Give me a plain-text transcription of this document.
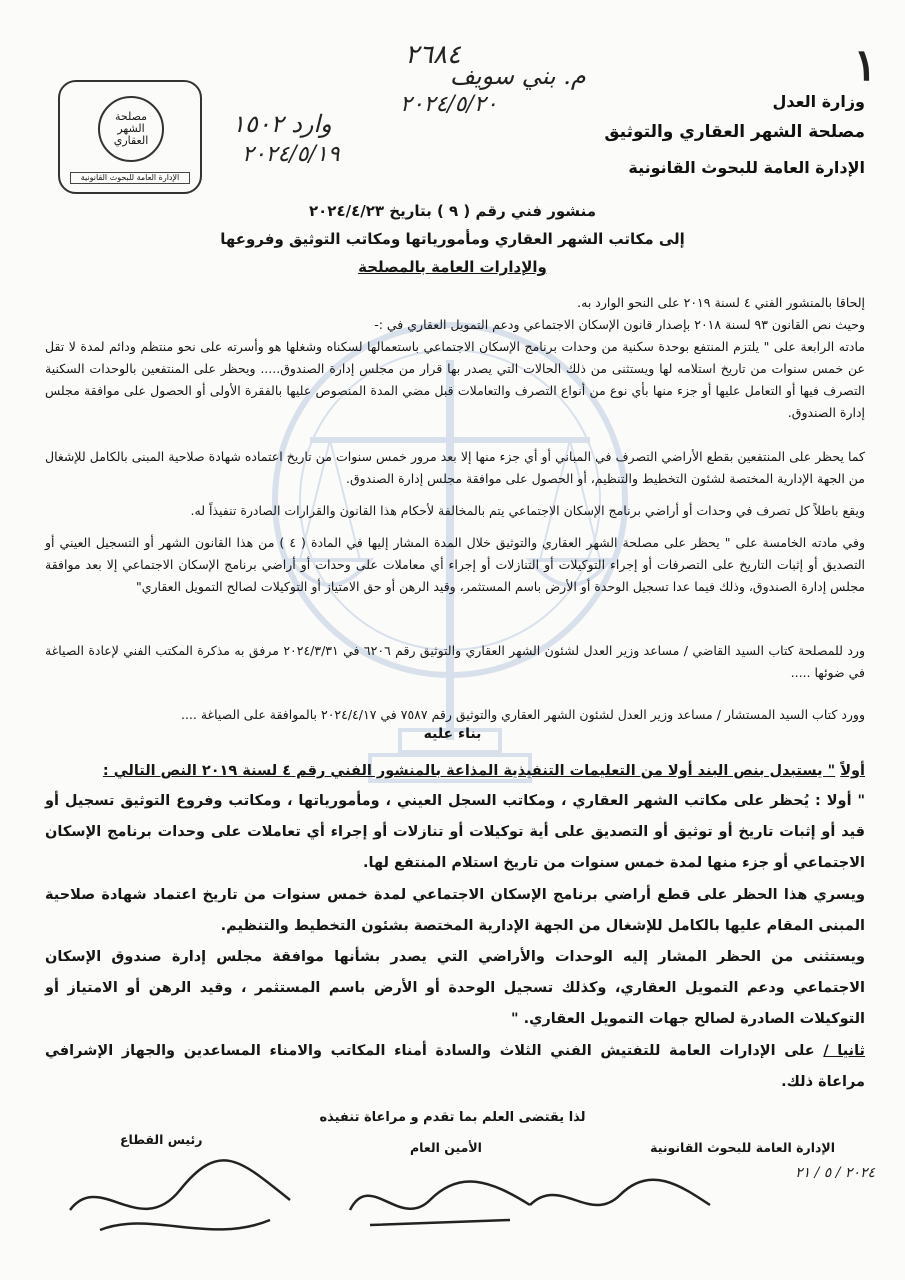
١
٢٦٨٤
م. بني سويف
٢٠٢٤/٥/٢٠
وارد ١٥٠٢
٢٠٢٤/٥/١٩
مصلحة الشهر العقاري
الإدارة العامة للبحوث القانونية
وزارة العدل
مصلحة الشهر العقاري والتوثيق
الإدارة العامة للبحوث القانونية
منشور فني رقم ( ٩ ) بتاريخ ٢٠٢٤/٤/٢٣
إلى مكاتب الشهر العقاري ومأمورياتها ومكاتب التوثيق وفروعها
والإدارات العامة بالمصلحة
إلحاقا بالمنشور الفني ٤ لسنة ٢٠١٩ على النحو الوارد به.
وحيث نص القانون ٩٣ لسنة ٢٠١٨ بإصدار قانون الإسكان الاجتماعي ودعم التمويل العقاري في :-
مادته الرابعة على " يلتزم المنتفع بوحدة سكنية من وحدات برنامج الإسكان الاجتماعي باستعمالها لسكناه وشغلها هو وأسرته على نحو منتظم ودائم لمدة لا تقل عن خمس سنوات من تاريخ استلامه لها ويستثنى من ذلك الحالات التي يصدر بها قرار من مجلس إدارة الصندوق..... ويحظر على المنتفعين بالوحدات السكنية التصرف فيها أو التعامل عليها أو جزء منها بأي نوع من أنواع التصرف والتعاملات قبل مضي المدة المنصوص عليها بالفقرة الأولى أو الحصول على موافقة مجلس إدارة الصندوق.
كما يحظر على المنتفعين بقطع الأراضي التصرف في المباني أو أي جزء منها إلا بعد مرور خمس سنوات من تاريخ اعتماده شهادة صلاحية المبنى بالكامل للإشغال من الجهة الإدارية المختصة لشئون التخطيط والتنظيم، أو الحصول على موافقة مجلس إدارة الصندوق.
ويقع باطلاً كل تصرف في وحدات أو أراضي برنامج الإسكان الاجتماعي يتم بالمخالفة لأحكام هذا القانون والقرارات الصادرة تنفيذاً له.
وفي مادته الخامسة على " يحظر على مصلحة الشهر العقاري والتوثيق خلال المدة المشار إليها في المادة ( ٤ ) من هذا القانون الشهر أو التسجيل العيني أو التصديق أو إثبات التاريخ على التصرفات أو إجراء التوكيلات أو التنازلات أو إجراء أي معاملات على وحدات أو أراضي برنامج الإسكان الاجتماعي إلا بعد موافقة مجلس إدارة الصندوق، وذلك فيما عدا تسجيل الوحدة أو الأرض باسم المستثمر، وقيد الرهن أو حق الامتياز أو التوكيلات لصالح التمويل العقاري"
ورد للمصلحة كتاب السيد القاضي / مساعد وزير العدل لشئون الشهر العقاري والتوثيق رقم ٦٢٠٦ في ٢٠٢٤/٣/٣١ مرفق به مذكرة المكتب الفني لإعادة الصياغة في ضوئها .....
وورد كتاب السيد المستشار / مساعد وزير العدل لشئون الشهر العقاري والتوثيق رقم ٧٥٨٧ في ٢٠٢٤/٤/١٧ بالموافقة على الصياغة ....
بناء عليه
أولاً " يستبدل بنص البند أولا من التعليمات التنفيذية المذاعة بالمنشور الفني رقم ٤ لسنة ٢٠١٩ النص التالي :
" أولا : يُحظر على مكاتب الشهر العقاري ، ومكاتب السجل العيني ، ومأمورياتها ، ومكاتب وفروع التوثيق تسجيل أو قيد أو إثبات تاريخ أو توثيق أو التصديق على أية توكيلات أو تنازلات أو إجراء أي تعاملات على وحدات برنامج الإسكان الاجتماعي أو جزء منها لمدة خمس سنوات من تاريخ استلام المنتفع لها.
ويسري هذا الحظر على قطع أراضي برنامج الإسكان الاجتماعي لمدة خمس سنوات من تاريخ اعتماد شهادة صلاحية المبنى المقام عليها بالكامل للإشغال من الجهة الإدارية المختصة بشئون التخطيط والتنظيم.
ويستثنى من الحظر المشار إليه الوحدات والأراضي التي يصدر بشأنها موافقة مجلس إدارة صندوق الإسكان الاجتماعي ودعم التمويل العقاري، وكذلك تسجيل الوحدة أو الأرض باسم المستثمر ، وقيد الرهن أو الامتياز أو التوكيلات الصادرة لصالح جهات التمويل العقاري. "
ثانيا / على الإدارات العامة للتفتيش الفني الثلاث والسادة أمناء المكاتب والامناء المساعدين والجهاز الإشرافي مراعاة ذلك.
لذا يقتضى العلم بما تقدم و مراعاة تنفيذه
رئيس القطاع
الأمين العام	الإدارة العامة للبحوث القانونية
٢٠٢٤ / ٥ / ٢١
